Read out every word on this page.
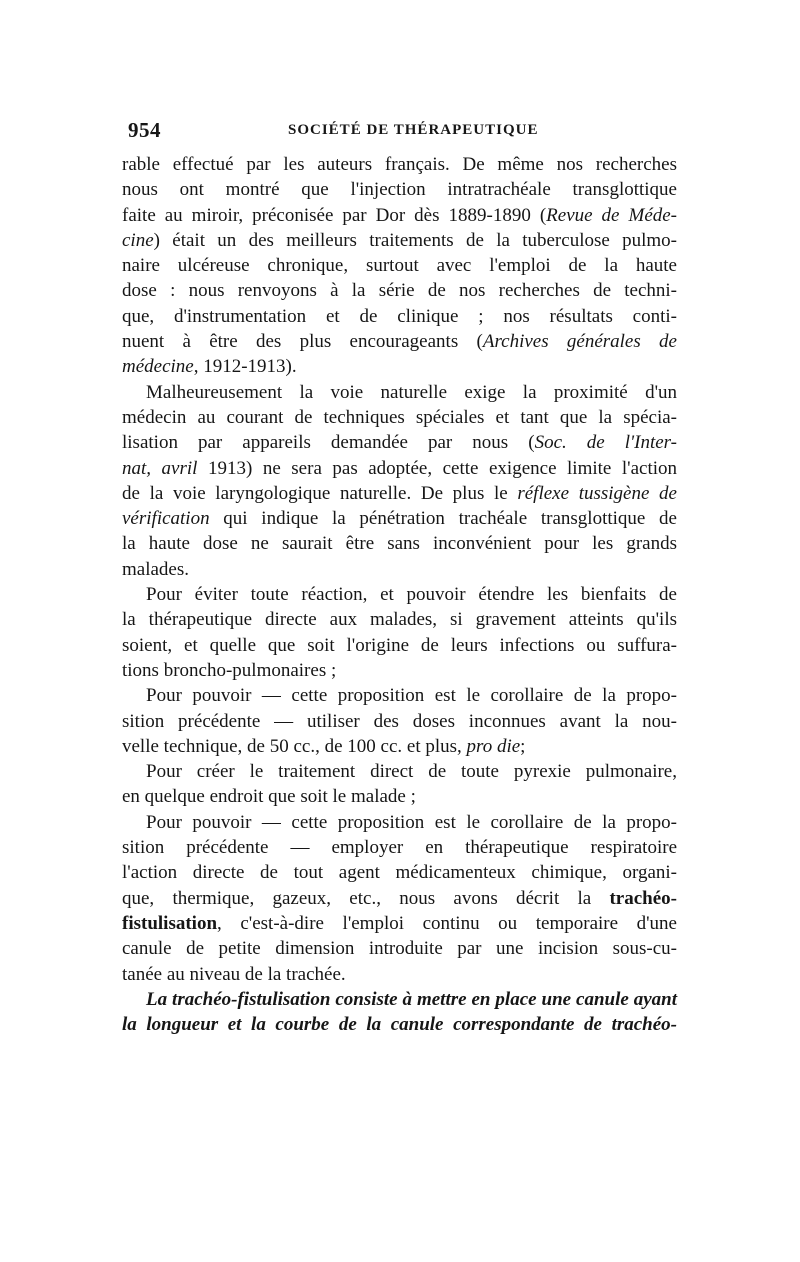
954	SOCIÉTÉ DE THÉRAPEUTIQUE
rable effectué par les auteurs français. De même nos recherches
nous ont montré que l'injection intratrachéale transglottique
faite au miroir, préconisée par Dor dès 1889-1890 (Revue de Méde-
cine) était un des meilleurs traitements de la tuberculose pulmo-
naire ulcéreuse chronique, surtout avec l'emploi de la haute
dose : nous renvoyons à la série de nos recherches de techni-
que, d'instrumentation et de clinique ; nos résultats conti-
nuent à être des plus encourageants (Archives générales de
médecine, 1912-1913).
Malheureusement la voie naturelle exige la proximité d'un
médecin au courant de techniques spéciales et tant que la spécia-
lisation par appareils demandée par nous (Soc. de l'Inter-
nat, avril 1913) ne sera pas adoptée, cette exigence limite l'action
de la voie laryngologique naturelle. De plus le réflexe tussigène de
vérification qui indique la pénétration trachéale transglottique de
la haute dose ne saurait être sans inconvénient pour les grands
malades.
Pour éviter toute réaction, et pouvoir étendre les bienfaits de
la thérapeutique directe aux malades, si gravement atteints qu'ils
soient, et quelle que soit l'origine de leurs infections ou suffura-
tions broncho-pulmonaires ;
Pour pouvoir — cette proposition est le corollaire de la propo-
sition précédente — utiliser des doses inconnues avant la nou-
velle technique, de 50 cc., de 100 cc. et plus, pro die;
Pour créer le traitement direct de toute pyrexie pulmonaire,
en quelque endroit que soit le malade ;
Pour pouvoir — cette proposition est le corollaire de la propo-
sition précédente — employer en thérapeutique respiratoire
l'action directe de tout agent médicamenteux chimique, organi-
que, thermique, gazeux, etc., nous avons décrit la trachéo-
fistulisation, c'est-à-dire l'emploi continu ou temporaire d'une
canule de petite dimension introduite par une incision sous-cu-
tanée au niveau de la trachée.
La trachéo-fistulisation consiste à mettre en place une canule ayant
la longueur et la courbe de la canule correspondante de trachéo-
